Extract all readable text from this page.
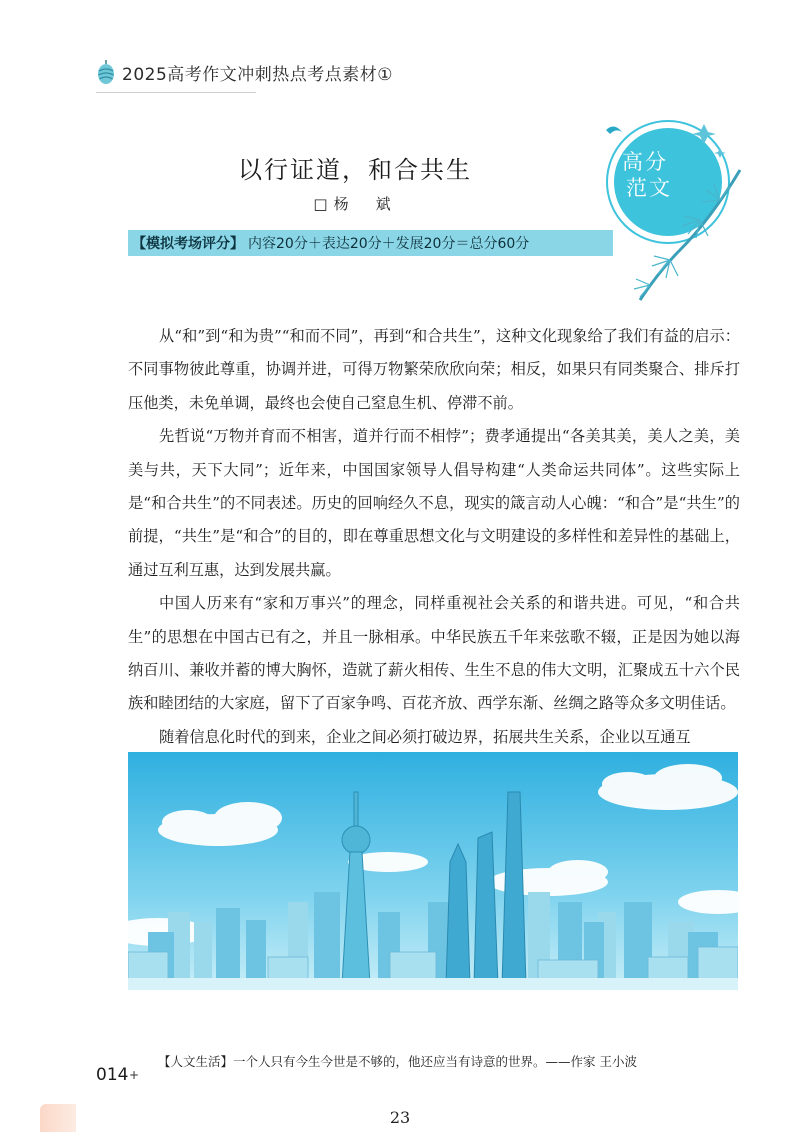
2025高考作文冲刺热点考点素材①
高分
范文
以行证道，和合共生
□杨　斌
【模拟考场评分】 内容20分＋表达20分＋发展20分＝总分60分

从“和”到“和为贵”“和而不同”，再到“和合共生”，这种文化现象给了我们有益的启示：不同事物彼此尊重，协调并进，可得万物繁荣欣欣向荣；相反，如果只有同类聚合、排斥打压他类，未免单调，最终也会使自己窒息生机、停滞不前。

先哲说“万物并育而不相害，道并行而不相悖”；费孝通提出“各美其美，美人之美，美美与共，天下大同”；近年来，中国国家领导人倡导构建“人类命运共同体”。这些实际上是“和合共生”的不同表述。历史的回响经久不息，现实的箴言动人心魄：“和合”是“共生”的前提，“共生”是“和合”的目的，即在尊重思想文化与文明建设的多样性和差异性的基础上，通过互利互惠，达到发展共赢。

中国人历来有“家和万事兴”的理念，同样重视社会关系的和谐共进。可见，“和合共生”的思想在中国古已有之，并且一脉相承。中华民族五千年来弦歌不辍，正是因为她以海纳百川、兼收并蓄的博大胸怀，造就了薪火相传、生生不息的伟大文明，汇聚成五十六个民族和睦团结的大家庭，留下了百家争鸣、百花齐放、西学东渐、丝绸之路等众多文明佳话。

随着信息化时代的到来，企业之间必须打破边界，拓展共生关系，企业以互通互

【人文生活】一个人只有今生今世是不够的，他还应当有诗意的世界。——作家 王小波
014 +
23
